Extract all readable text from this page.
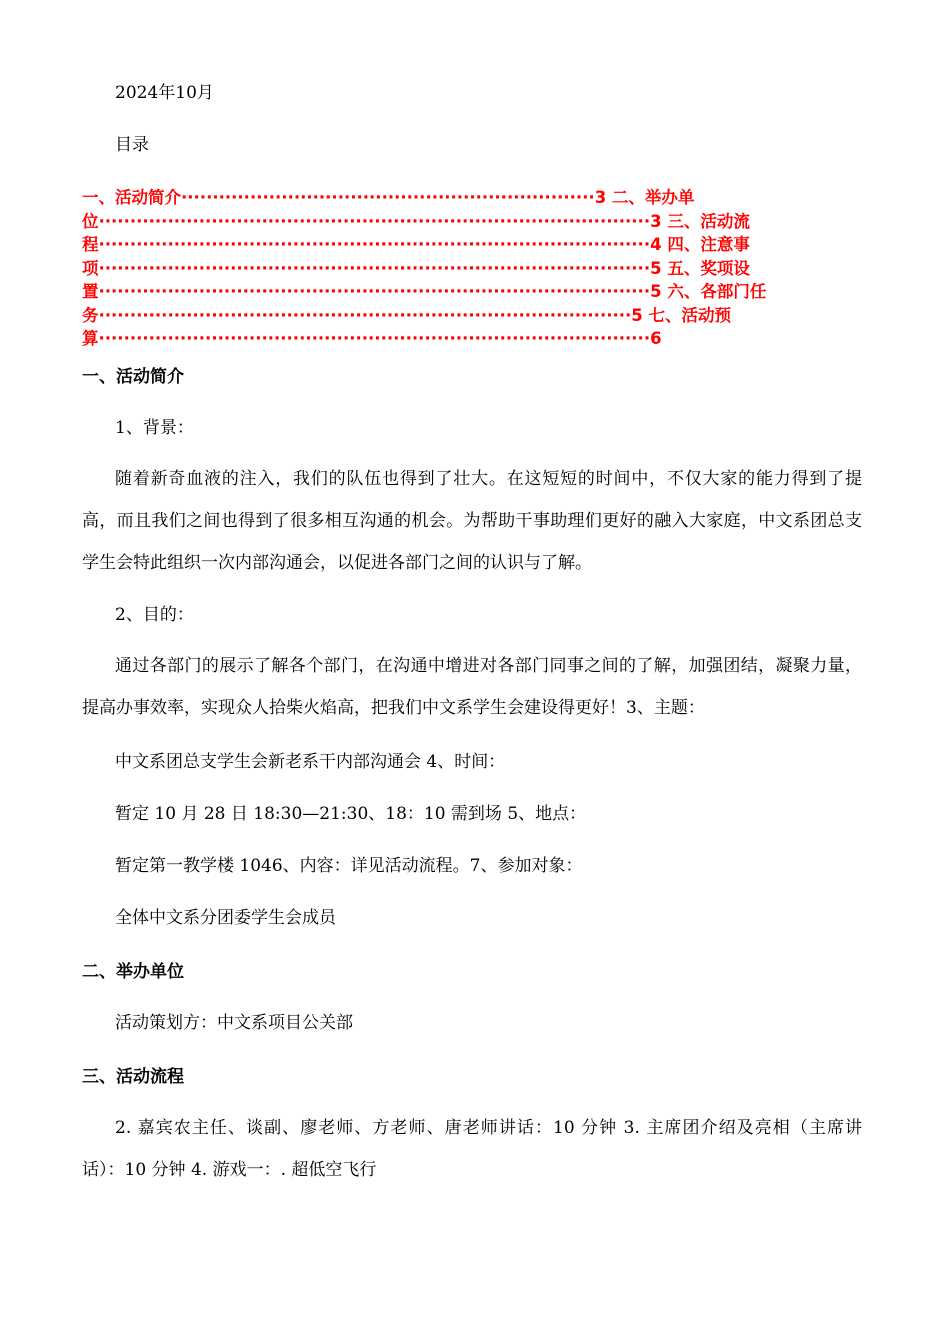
2024年10月
目录
一、活动简介··································································3 二、举办单
位························································································3 三、活动流
程························································································4 四、注意事
项························································································5 五、奖项设
置························································································5 六、各部门任
务·····················································································5 七、活动预
算························································································6
一、活动简介
1、背景：
随着新奇血液的注入，我们的队伍也得到了壮大。在这短短的时间中，不仅大家的能力得到了提高，而且我们之间也得到了很多相互沟通的机会。为帮助干事助理们更好的融入大家庭，中文系团总支学生会特此组织一次内部沟通会，以促进各部门之间的认识与了解。
2、目的：
通过各部门的展示了解各个部门，在沟通中增进对各部门同事之间的了解，加强团结，凝聚力量，提高办事效率，实现众人拾柴火焰高，把我们中文系学生会建设得更好！3、主题：
中文系团总支学生会新老系干内部沟通会 4、时间：
暂定 10 月 28 日 18:30—21:30、18：10 需到场 5、地点：
暂定第一教学楼 1046、内容：详见活动流程。7、参加对象：
全体中文系分团委学生会成员
二、举办单位
活动策划方：中文系项目公关部
三、活动流程
2. 嘉宾农主任、谈副、廖老师、方老师、唐老师讲话：10 分钟 3. 主席团介绍及亮相（主席讲话）：10 分钟 4. 游戏一：. 超低空飞行
